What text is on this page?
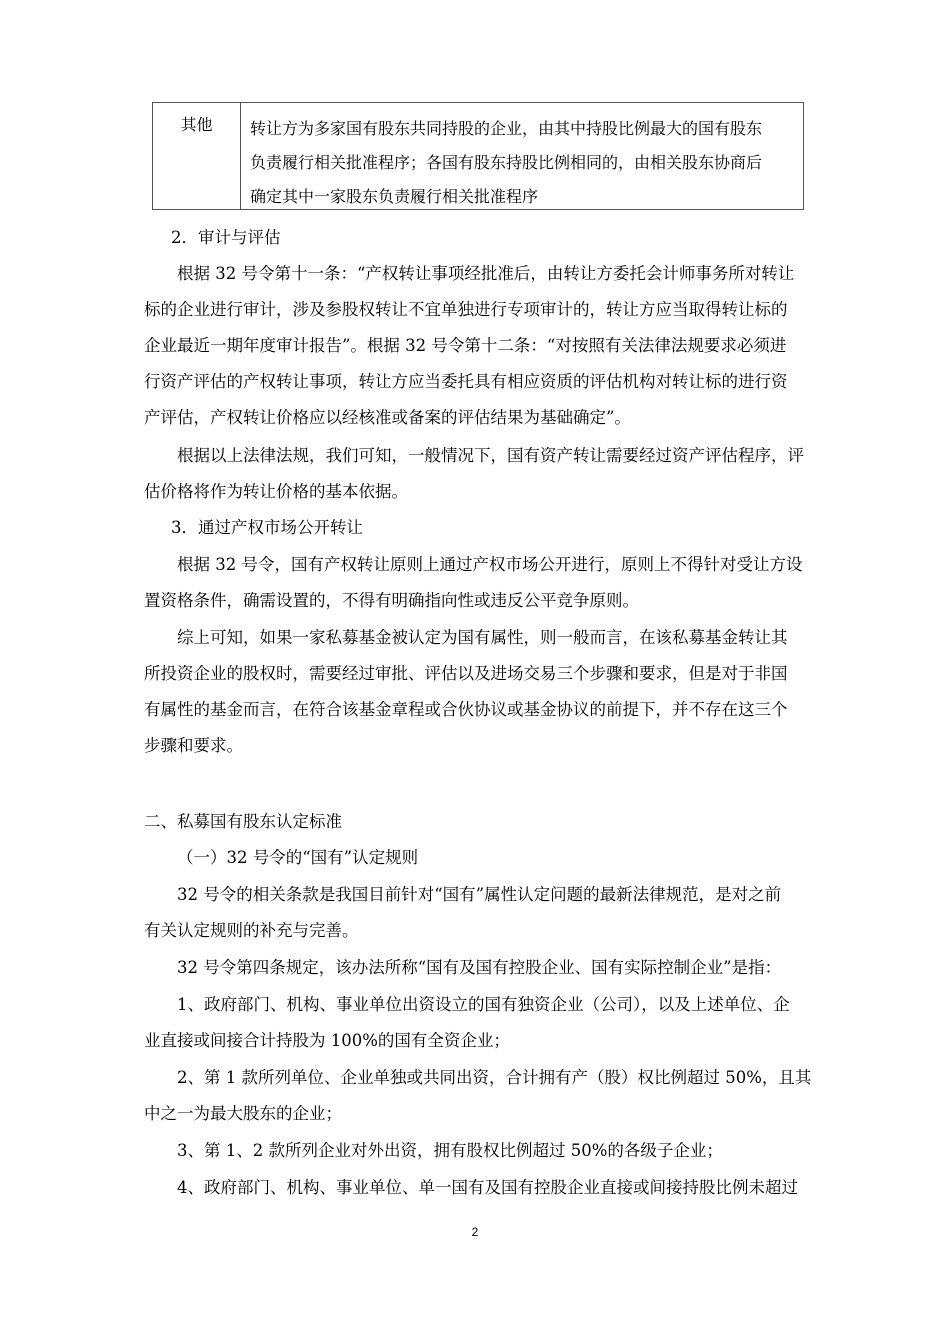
其他	转让方为多家国有股东共同持股的企业，由其中持股比例最大的国有股东
负责履行相关批准程序；各国有股东持股比例相同的，由相关股东协商后
确定其中一家股东负责履行相关批准程序
2．审计与评估
根据 32 号令第十一条：“产权转让事项经批准后，由转让方委托会计师事务所对转让
标的企业进行审计，涉及参股权转让不宜单独进行专项审计的，转让方应当取得转让标的
企业最近一期年度审计报告”。根据 32 号令第十二条：“对按照有关法律法规要求必须进
行资产评估的产权转让事项，转让方应当委托具有相应资质的评估机构对转让标的进行资
产评估，产权转让价格应以经核准或备案的评估结果为基础确定”。
根据以上法律法规，我们可知，一般情况下，国有资产转让需要经过资产评估程序，评
估价格将作为转让价格的基本依据。
3．通过产权市场公开转让
根据 32 号令，国有产权转让原则上通过产权市场公开进行，原则上不得针对受让方设
置资格条件，确需设置的，不得有明确指向性或违反公平竞争原则。
综上可知，如果一家私募基金被认定为国有属性，则一般而言，在该私募基金转让其
所投资企业的股权时，需要经过审批、评估以及进场交易三个步骤和要求，但是对于非国
有属性的基金而言，在符合该基金章程或合伙协议或基金协议的前提下，并不存在这三个
步骤和要求。
二、私募国有股东认定标准
（一）32 号令的“国有”认定规则
32 号令的相关条款是我国目前针对“国有”属性认定问题的最新法律规范，是对之前
有关认定规则的补充与完善。
32 号令第四条规定，该办法所称“国有及国有控股企业、国有实际控制企业”是指：
1、政府部门、机构、事业单位出资设立的国有独资企业（公司），以及上述单位、企
业直接或间接合计持股为 100%的国有全资企业；
2、第 1 款所列单位、企业单独或共同出资，合计拥有产（股）权比例超过 50%，且其
中之一为最大股东的企业；
3、第 1、2 款所列企业对外出资，拥有股权比例超过 50%的各级子企业；
4、政府部门、机构、事业单位、单一国有及国有控股企业直接或间接持股比例未超过
2
